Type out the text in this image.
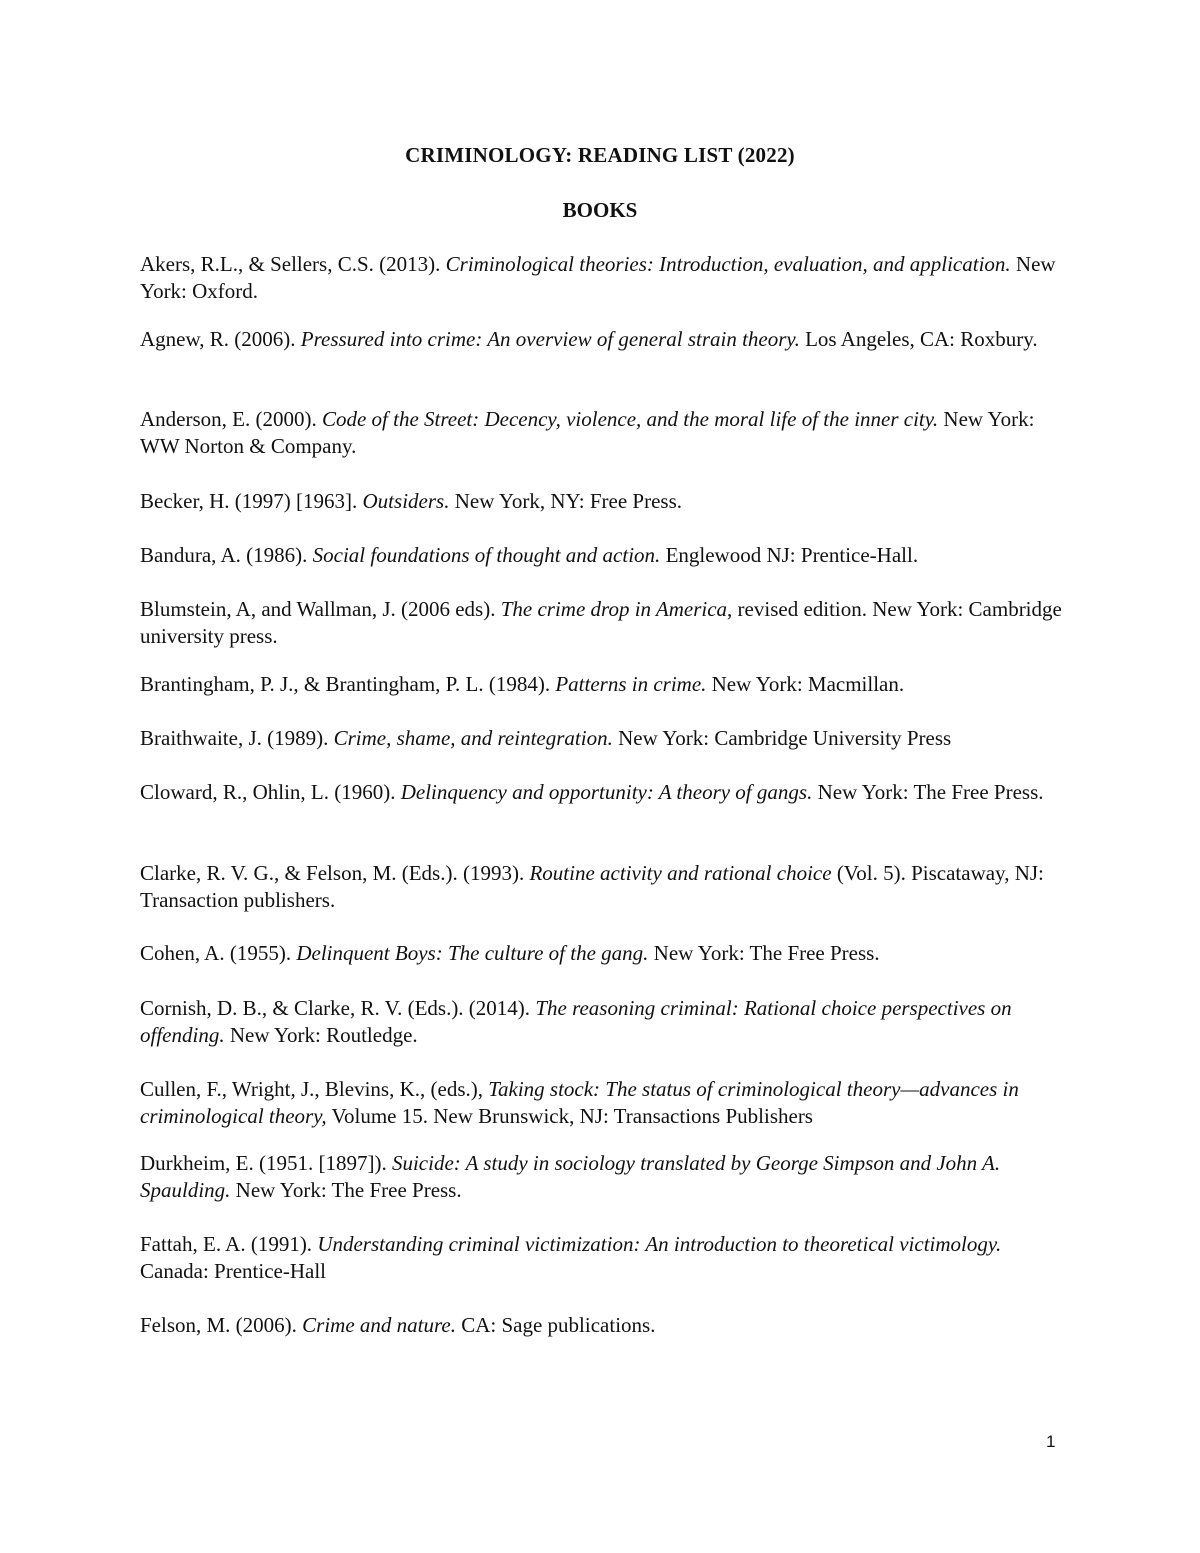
CRIMINOLOGY: READING LIST (2022)
BOOKS

Akers, R.L., & Sellers, C.S. (2013). Criminological theories: Introduction, evaluation, and application. New York: Oxford.

Agnew, R. (2006). Pressured into crime: An overview of general strain theory. Los Angeles, CA: Roxbury.

Anderson, E. (2000). Code of the Street: Decency, violence, and the moral life of the inner city. New York: WW Norton & Company.

Becker, H. (1997) [1963]. Outsiders. New York, NY: Free Press.

Bandura, A. (1986). Social foundations of thought and action. Englewood NJ: Prentice-Hall.

Blumstein, A, and Wallman, J. (2006 eds). The crime drop in America, revised edition. New York: Cambridge university press.

Brantingham, P. J., & Brantingham, P. L. (1984). Patterns in crime. New York: Macmillan.

Braithwaite, J. (1989). Crime, shame, and reintegration. New York: Cambridge University Press

Cloward, R., Ohlin, L. (1960). Delinquency and opportunity: A theory of gangs. New York: The Free Press.

Clarke, R. V. G., & Felson, M. (Eds.). (1993). Routine activity and rational choice (Vol. 5). Piscataway, NJ: Transaction publishers.

Cohen, A. (1955). Delinquent Boys: The culture of the gang. New York: The Free Press.

Cornish, D. B., & Clarke, R. V. (Eds.). (2014). The reasoning criminal: Rational choice perspectives on offending. New York: Routledge.

Cullen, F., Wright, J., Blevins, K., (eds.), Taking stock: The status of criminological theory—advances in criminological theory, Volume 15. New Brunswick, NJ: Transactions Publishers

Durkheim, E. (1951. [1897]). Suicide: A study in sociology translated by George Simpson and John A. Spaulding. New York: The Free Press.

Fattah, E. A. (1991). Understanding criminal victimization: An introduction to theoretical victimology. Canada: Prentice-Hall

Felson, M. (2006). Crime and nature. CA: Sage publications.

1
